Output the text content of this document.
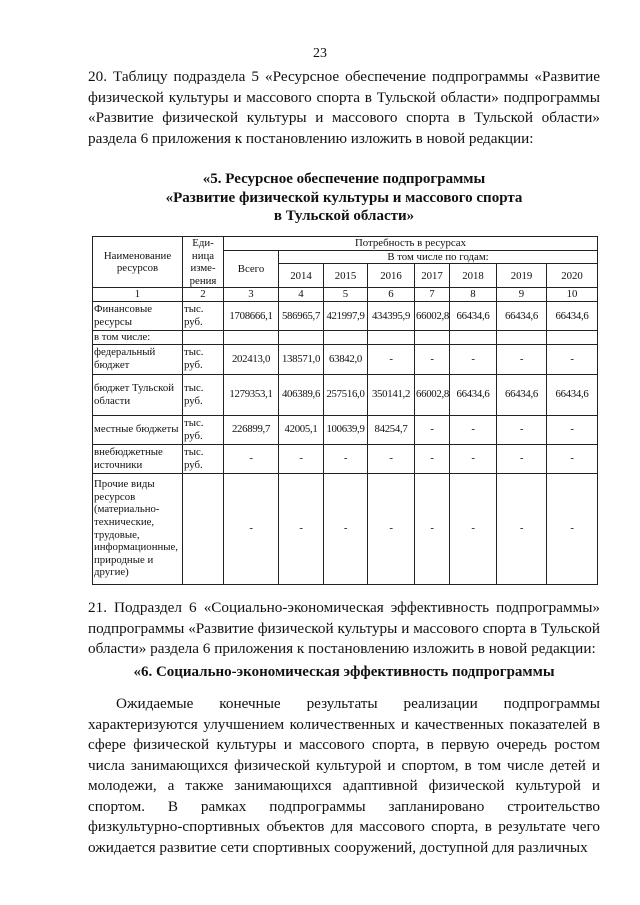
23
20. Таблицу подраздела 5 «Ресурсное обеспечение подпрограммы «Развитие физической культуры и массового спорта в Тульской области» подпрограммы «Развитие физической культуры и массового спорта в Тульской области» раздела 6 приложения к постановлению изложить в новой редакции:
«5. Ресурсное обеспечение подпрограммы
«Развитие физической культуры и массового спорта
в Тульской области»
Наименование ресурсов	Еди-ница изме-рения	Потребность в ресурсах							
		Всего	В том числе по годам:						
			2014	2015	2016	2017	2018	2019	2020
1	2	3	4	5	6	7	8	9	10
Финансовые ресурсы	тыс. руб.	1708666,1	586965,7	421997,9	434395,9	66002,8	66434,6	66434,6	66434,6
в том числе:									
федеральный бюджет	тыс. руб.	202413,0	138571,0	63842,0	-	-	-	-	-
бюджет Тульской области	тыс. руб.	1279353,1	406389,6	257516,0	350141,2	66002,8	66434,6	66434,6	66434,6
местные бюджеты	тыс. руб.	226899,7	42005,1	100639,9	84254,7	-	-	-	-
внебюджетные источники	тыс. руб.	-	-	-	-	-	-	-	-
Прочие виды ресурсов (материально-технические, трудовые, информационные, природные и другие)		-	-	-	-	-	-	-	-
21. Подраздел 6 «Социально-экономическая эффективность подпрограммы» подпрограммы «Развитие физической культуры и массового спорта в Тульской области» раздела 6 приложения к постановлению изложить в новой редакции:
«6. Социально-экономическая эффективность подпрограммы
Ожидаемые конечные результаты реализации подпрограммы характеризуются улучшением количественных и качественных показателей в сфере физической культуры и массового спорта, в первую очередь ростом числа занимающихся физической культурой и спортом, в том числе детей и молодежи, а также занимающихся адаптивной физической культурой и спортом. В рамках подпрограммы запланировано строительство физкультурно-спортивных объектов для массового спорта, в результате чего ожидается развитие сети спортивных сооружений, доступной для различных
